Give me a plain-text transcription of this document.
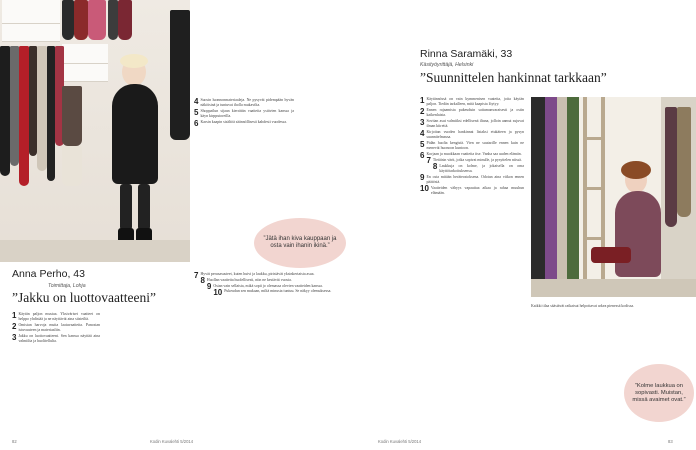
Anna Perho, 43
Toimittaja, Lohja
”Jakku on luottovaatteeni”

1 Käytän paljon mustaa. Yksiväriset vaatteet on helppo yhdistää ja ne näyttävät aina siisteiltä.

2 Omistan harvoja mutta laatuvaatteita. Panostan istuvuuteen ja materiaaliin.

3 Jakku on luottovaatteeni. Sen kanssa näyttää aina valmiilta ja huolitellulta.

4 Suosin luonnonmateriaaleja. Ne pysyvät pidempään hyvän näköisinä ja tuntuvat iholla mukavilta.

5 Shoppailun sijaan kierrätän vaatteita ystävien kanssa ja käyn kirpputoreilla.

6 Karsin kaapin sisältöä säännöllisesti kahdesti vuodessa.

7 Hyvät perusasusteet, kuten huivi ja laukku, piristävät yksinkertaista asua.

8 Huollan vaatteita huolellisesti, niin ne kestävät vuosia.

9 Ostan vain sellaista, mikä sopii jo olemassa olevien vaatteiden kanssa.

10 Pukeudun sen mukaan, miltä minusta tuntuu. Se näkyy olemuksessa.

”Jätä ihan kiva kauppaan ja osta vain ihanin ikinä.”
82	Kodin Kuvalehti 5/2014
Rinna Saramäki, 33
Käsityöyrittäjä, Helsinki
”Suunnittelen hankinnat tarkkaan”

1 Käytännössä on vain kymmenisen vaatetta, joita käytän paljon. Tiedän tarkalleen, mitä kaapista löytyy.

2 Ennen rajaamista pukeuduin sattumanvaraisesti ja ostin kaikenlaista.

3 Sovitan asut valmiiksi edellisenä iltana, jolloin aamut sujuvat ilman kiirettä.

4 Kirjoitan vuoden hankinnat listaksi etukäteen ja pysyn suunnitelmassa.

5 Pidän huolta kengistä. Vien ne suutarille ennen kuin ne menevät huonoon kuntoon.

6 Korjaan ja muokkaan vaatteita itse. Vanha saa uuden elämän.

7 Tietäisin värit, jotka sopivat minulle, ja pysyttelen niissä.

8 Laukkuja on kolme, ja jokaisella on oma käyttötarkoituksensa.

9 En osta mitään heräteostoksena. Odotan aina viikon ennen päätöstä.

10 Vaatteiden vähyys vapauttaa aikaa ja rahaa muuhun elämään.

Kaikki tilaa säästävät ratkaisut helpottavat arkea pienessä kodissa.

”Kolme laukkua on sopivasti. Muistan, missä avaimet ovat.”
Kodin Kuvalehti 5/2014	83
